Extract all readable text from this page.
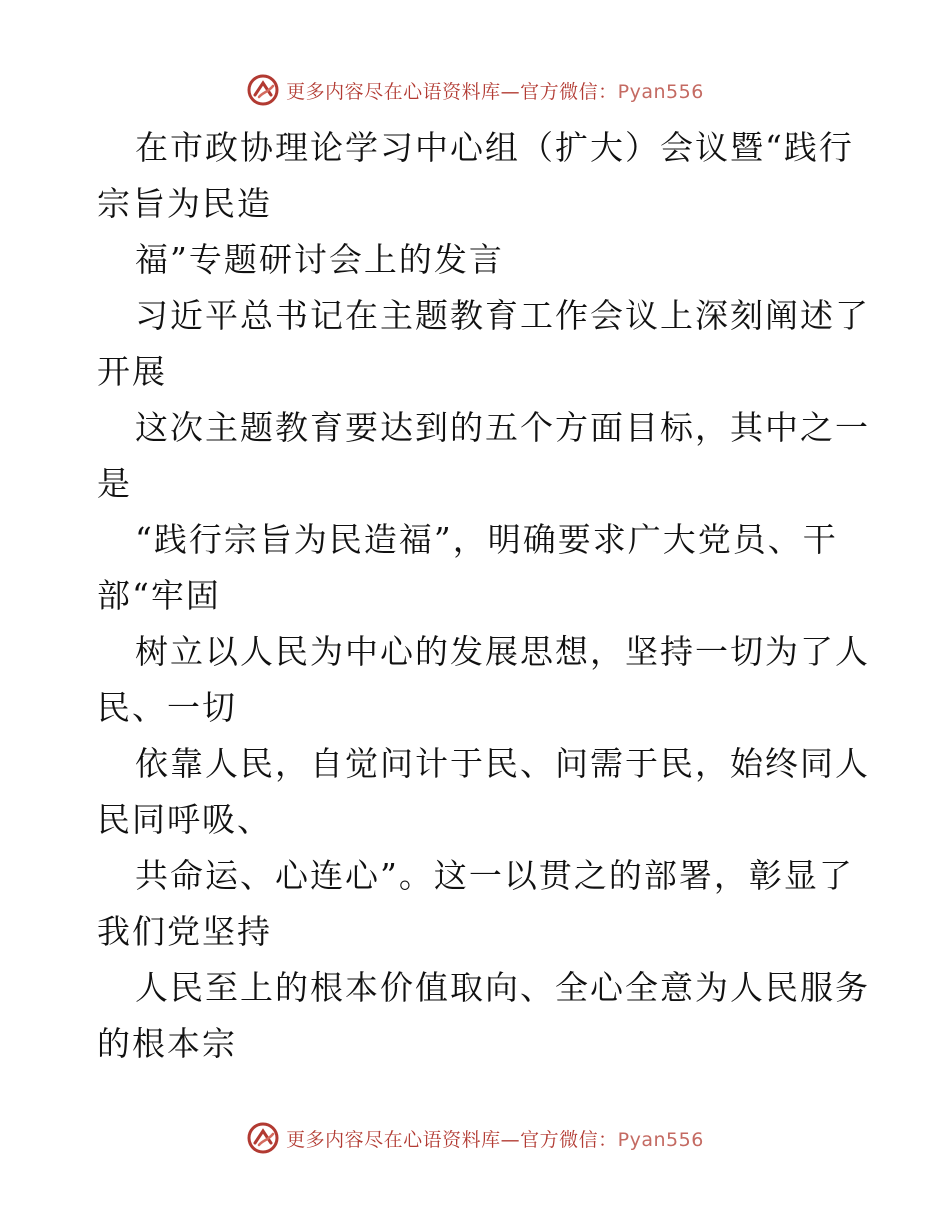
更多内容尽在心语资料库—官方微信：Pyan556
在市政协理论学习中心组（扩大）会议暨“践行
宗旨为民造
福”专题研讨会上的发言
习近平总书记在主题教育工作会议上深刻阐述了
开展
这次主题教育要达到的五个方面目标，其中之一
是
“践行宗旨为民造福”，明确要求广大党员、干
部“牢固
树立以人民为中心的发展思想，坚持一切为了人
民、一切
依靠人民，自觉问计于民、问需于民，始终同人
民同呼吸、
共命运、心连心”。这一以贯之的部署，彰显了
我们党坚持
人民至上的根本价值取向、全心全意为人民服务
的根本宗
更多内容尽在心语资料库—官方微信：Pyan556
